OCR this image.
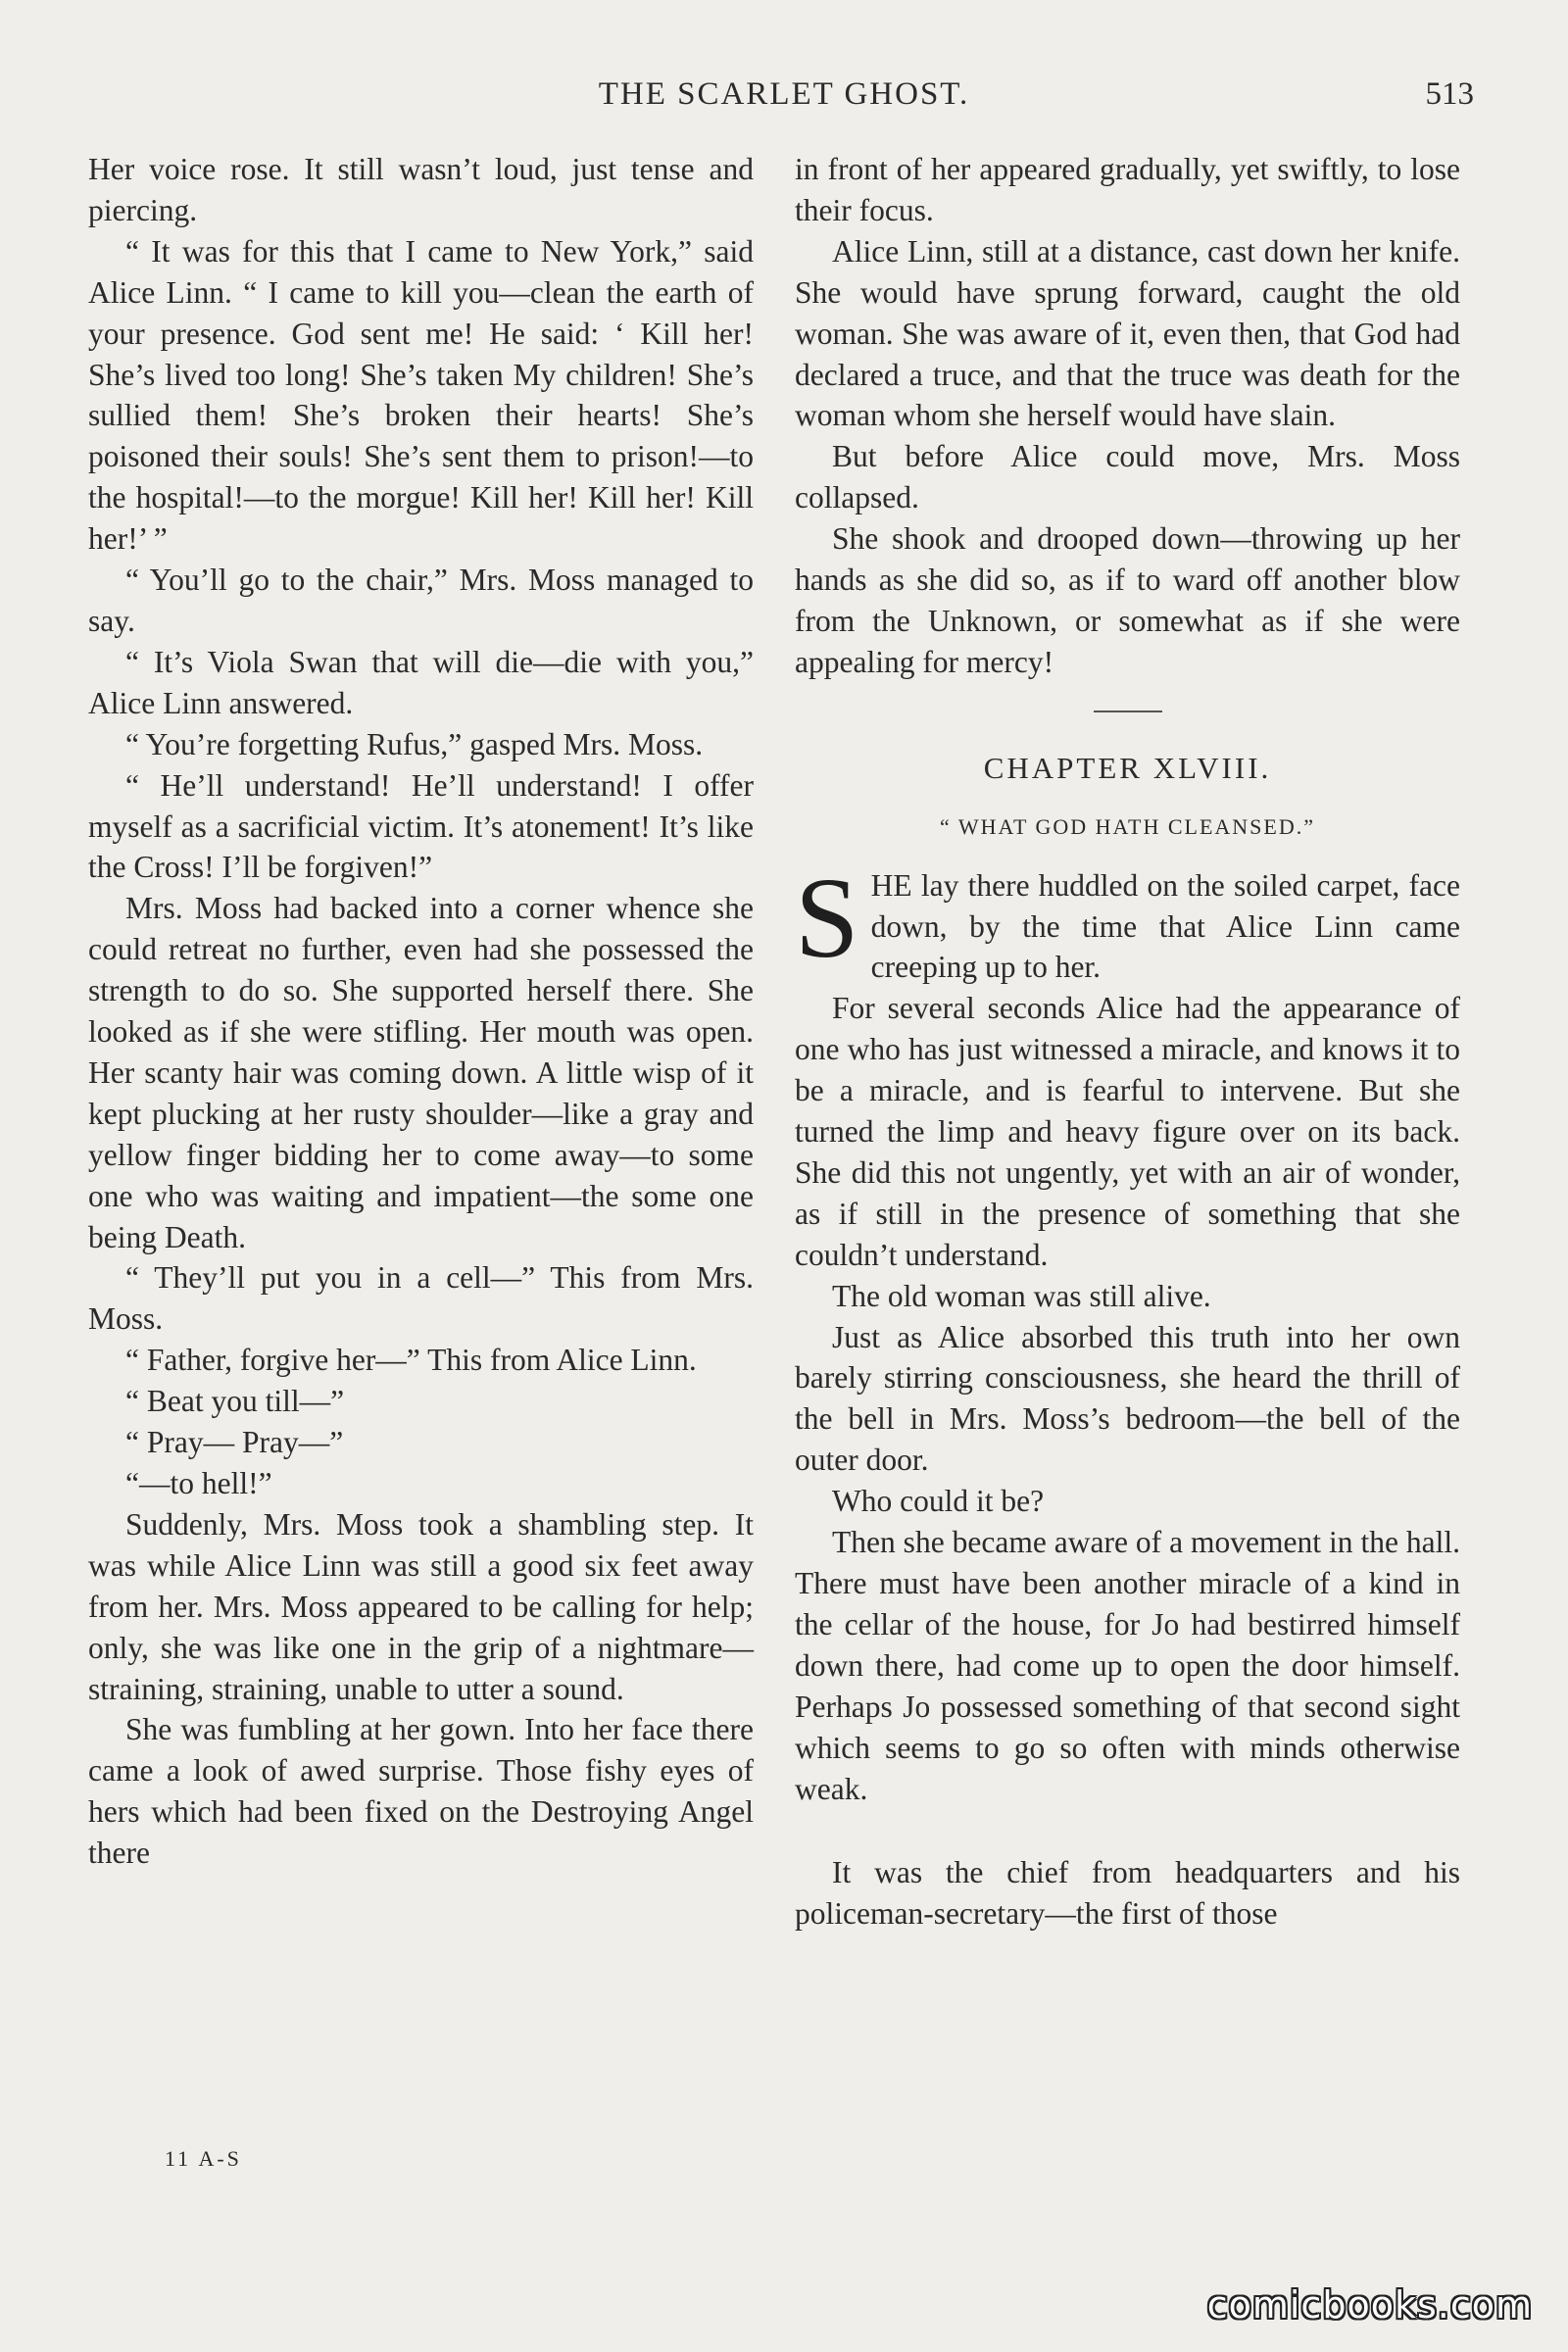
THE SCARLET GHOST.	513

Her voice rose. It still wasn’t loud, just tense and piercing.

“ It was for this that I came to New York,” said Alice Linn. “ I came to kill you—clean the earth of your presence. God sent me! He said: ‘ Kill her! She’s lived too long! She’s taken My children! She’s sullied them! She’s broken their hearts! She’s poisoned their souls! She’s sent them to prison!—to the hospital!—to the morgue! Kill her! Kill her! Kill her!’ ”

“ You’ll go to the chair,” Mrs. Moss managed to say.

“ It’s Viola Swan that will die—die with you,” Alice Linn answered.

“ You’re forgetting Rufus,” gasped Mrs. Moss.

“ He’ll understand! He’ll understand! I offer myself as a sacrificial victim. It’s atonement! It’s like the Cross! I’ll be forgiven!”

Mrs. Moss had backed into a corner whence she could retreat no further, even had she possessed the strength to do so. She supported herself there. She looked as if she were stifling. Her mouth was open. Her scanty hair was coming down. A little wisp of it kept plucking at her rusty shoulder—like a gray and yellow finger bidding her to come away—to some one who was waiting and impatient—the some one being Death.

“ They’ll put you in a cell—” This from Mrs. Moss.

“ Father, forgive her—” This from Alice Linn.

“ Beat you till—”

“ Pray— Pray—”

“—to hell!”

Suddenly, Mrs. Moss took a shambling step. It was while Alice Linn was still a good six feet away from her. Mrs. Moss appeared to be calling for help; only, she was like one in the grip of a nightmare—straining, straining, unable to utter a sound.

She was fumbling at her gown. Into her face there came a look of awed surprise. Those fishy eyes of hers which had been fixed on the Destroying Angel there

in front of her appeared gradually, yet swiftly, to lose their focus.

Alice Linn, still at a distance, cast down her knife. She would have sprung forward, caught the old woman. She was aware of it, even then, that God had declared a truce, and that the truce was death for the woman whom she herself would have slain.

But before Alice could move, Mrs. Moss collapsed.

She shook and drooped down—throwing up her hands as she did so, as if to ward off another blow from the Unknown, or somewhat as if she were appealing for mercy!

CHAPTER XLVIII.
“ WHAT GOD HATH CLEANSED.”

SHE lay there huddled on the soiled carpet, face down, by the time that Alice Linn came creeping up to her.

For several seconds Alice had the appearance of one who has just witnessed a miracle, and knows it to be a miracle, and is fearful to intervene. But she turned the limp and heavy figure over on its back. She did this not ungently, yet with an air of wonder, as if still in the presence of something that she couldn’t understand.

The old woman was still alive.

Just as Alice absorbed this truth into her own barely stirring consciousness, she heard the thrill of the bell in Mrs. Moss’s bedroom—the bell of the outer door.

Who could it be?

Then she became aware of a movement in the hall. There must have been another miracle of a kind in the cellar of the house, for Jo had bestirred himself down there, had come up to open the door himself. Perhaps Jo possessed something of that second sight which seems to go so often with minds otherwise weak.

It was the chief from headquarters and his policeman-secretary—the first of those

11 A-S
comicbooks.com
